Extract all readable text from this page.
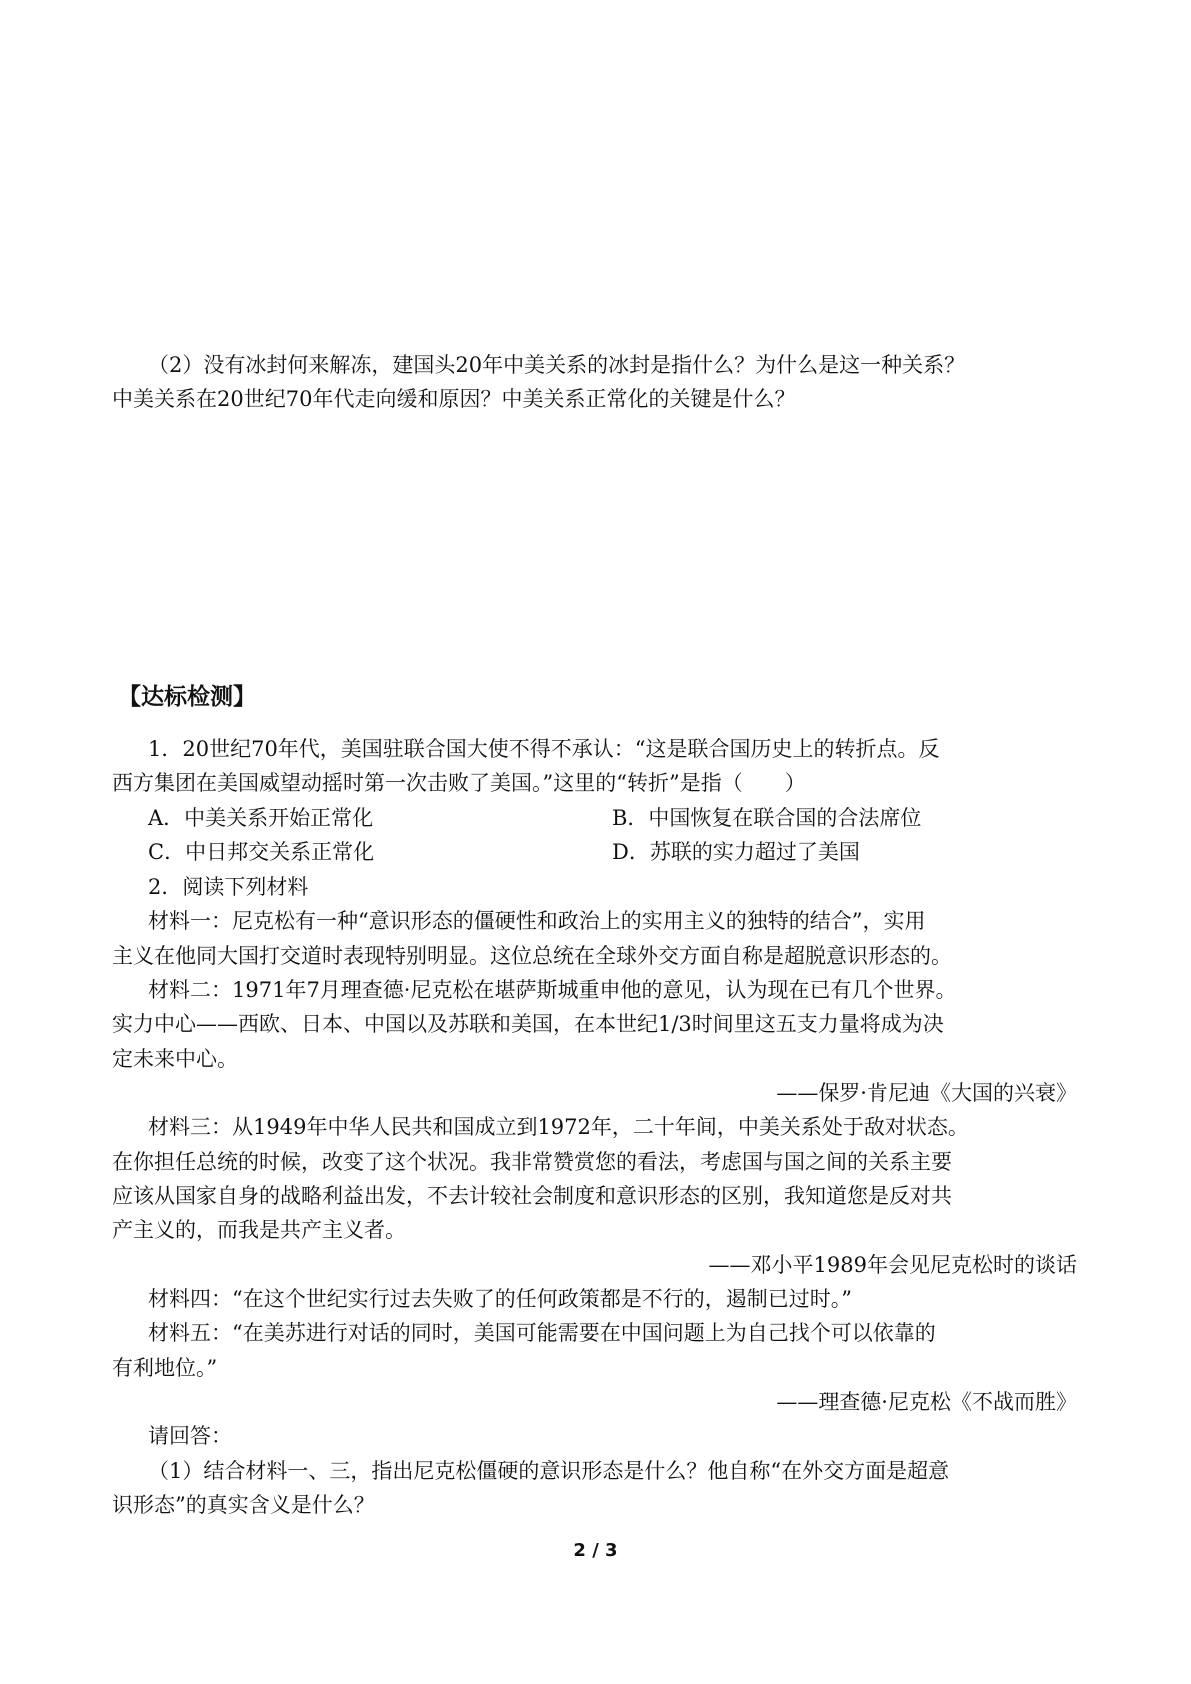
（2）没有冰封何来解冻，建国头20年中美关系的冰封是指什么？为什么是这一种关系？
中美关系在20世纪70年代走向缓和原因？中美关系正常化的关键是什么？
【达标检测】
1．20世纪70年代，美国驻联合国大使不得不承认：“这是联合国历史上的转折点。反
西方集团在美国威望动摇时第一次击败了美国。”这里的“转折”是指（　　）
A．中美关系开始正常化	B．中国恢复在联合国的合法席位
C．中日邦交关系正常化	D．苏联的实力超过了美国
2．阅读下列材料
材料一：尼克松有一种“意识形态的僵硬性和政治上的实用主义的独特的结合”，实用
主义在他同大国打交道时表现特别明显。这位总统在全球外交方面自称是超脱意识形态的。
材料二：1971年7月理查德·尼克松在堪萨斯城重申他的意见，认为现在已有几个世界。
实力中心——西欧、日本、中国以及苏联和美国，在本世纪1/3时间里这五支力量将成为决
定未来中心。
——保罗·肯尼迪《大国的兴衰》
材料三：从1949年中华人民共和国成立到1972年，二十年间，中美关系处于敌对状态。
在你担任总统的时候，改变了这个状况。我非常赞赏您的看法，考虑国与国之间的关系主要
应该从国家自身的战略利益出发，不去计较社会制度和意识形态的区别，我知道您是反对共
产主义的，而我是共产主义者。
——邓小平1989年会见尼克松时的谈话
材料四：“在这个世纪实行过去失败了的任何政策都是不行的，遏制已过时。”
材料五：“在美苏进行对话的同时，美国可能需要在中国问题上为自己找个可以依靠的
有利地位。”
——理查德·尼克松《不战而胜》
请回答：
（1）结合材料一、三，指出尼克松僵硬的意识形态是什么？他自称“在外交方面是超意
识形态”的真实含义是什么？
2 / 3
